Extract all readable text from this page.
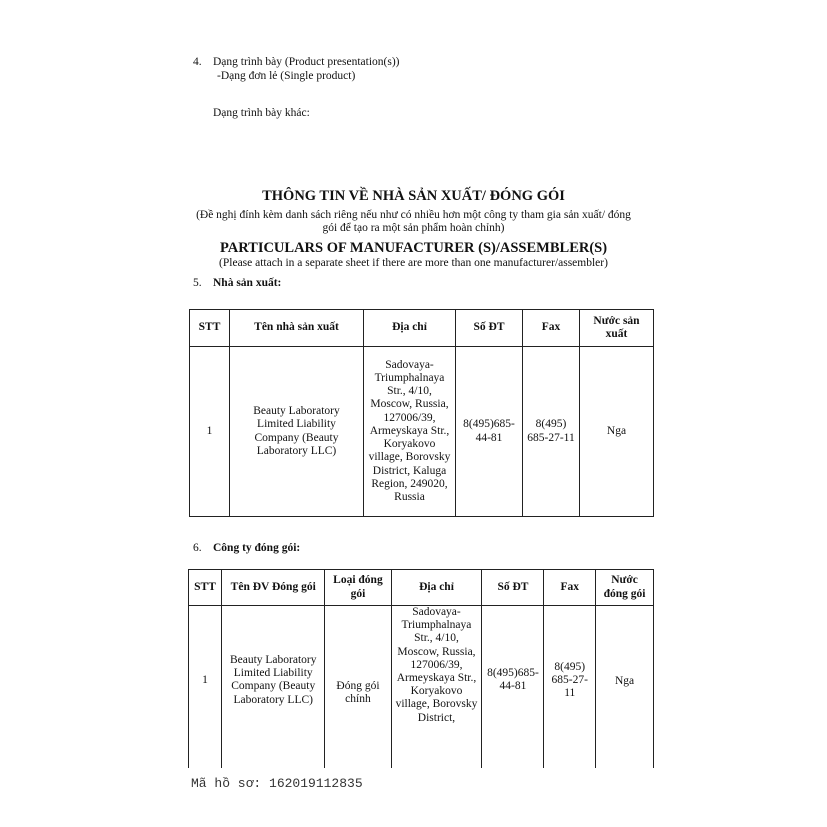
4. Dạng trình bày (Product presentation(s))
-Dạng đơn lẻ (Single product)
Dạng trình bày khác:
THÔNG TIN VỀ NHÀ SẢN XUẤT/ ĐÓNG GÓI
(Đề nghị đính kèm danh sách riêng nếu như có nhiều hơn một công ty tham gia sản xuất/ đóng
gói để tạo ra một sản phẩm hoàn chỉnh)
PARTICULARS OF MANUFACTURER (S)/ASSEMBLER(S)
(Please attach in a separate sheet if there are more than one manufacturer/assembler)
5. Nhà sản xuất:
STT	Tên nhà sản xuất	Địa chỉ	Số ĐT	Fax	Nước sản xuất
1	Beauty Laboratory Limited Liability Company (Beauty Laboratory LLC)	Sadovaya-Triumphalnaya Str., 4/10, Moscow, Russia, 127006/39, Armeyskaya Str., Koryakovo village, Borovsky District, Kaluga Region, 249020, Russia	8(495)685-44-81	8(495) 685-27-11	Nga
6. Công ty đóng gói:
STT	Tên ĐV Đóng gói	Loại đóng gói	Địa chỉ	Số ĐT	Fax	Nước đóng gói
1	Beauty Laboratory Limited Liability Company (Beauty Laboratory LLC)	Đóng gói chính	Sadovaya-Triumphalnaya Str., 4/10, Moscow, Russia, 127006/39, Armeyskaya Str., Koryakovo village, Borovsky District,	8(495)685-44-81	8(495) 685-27-11	Nga
Mã hồ sơ: 162019112835
